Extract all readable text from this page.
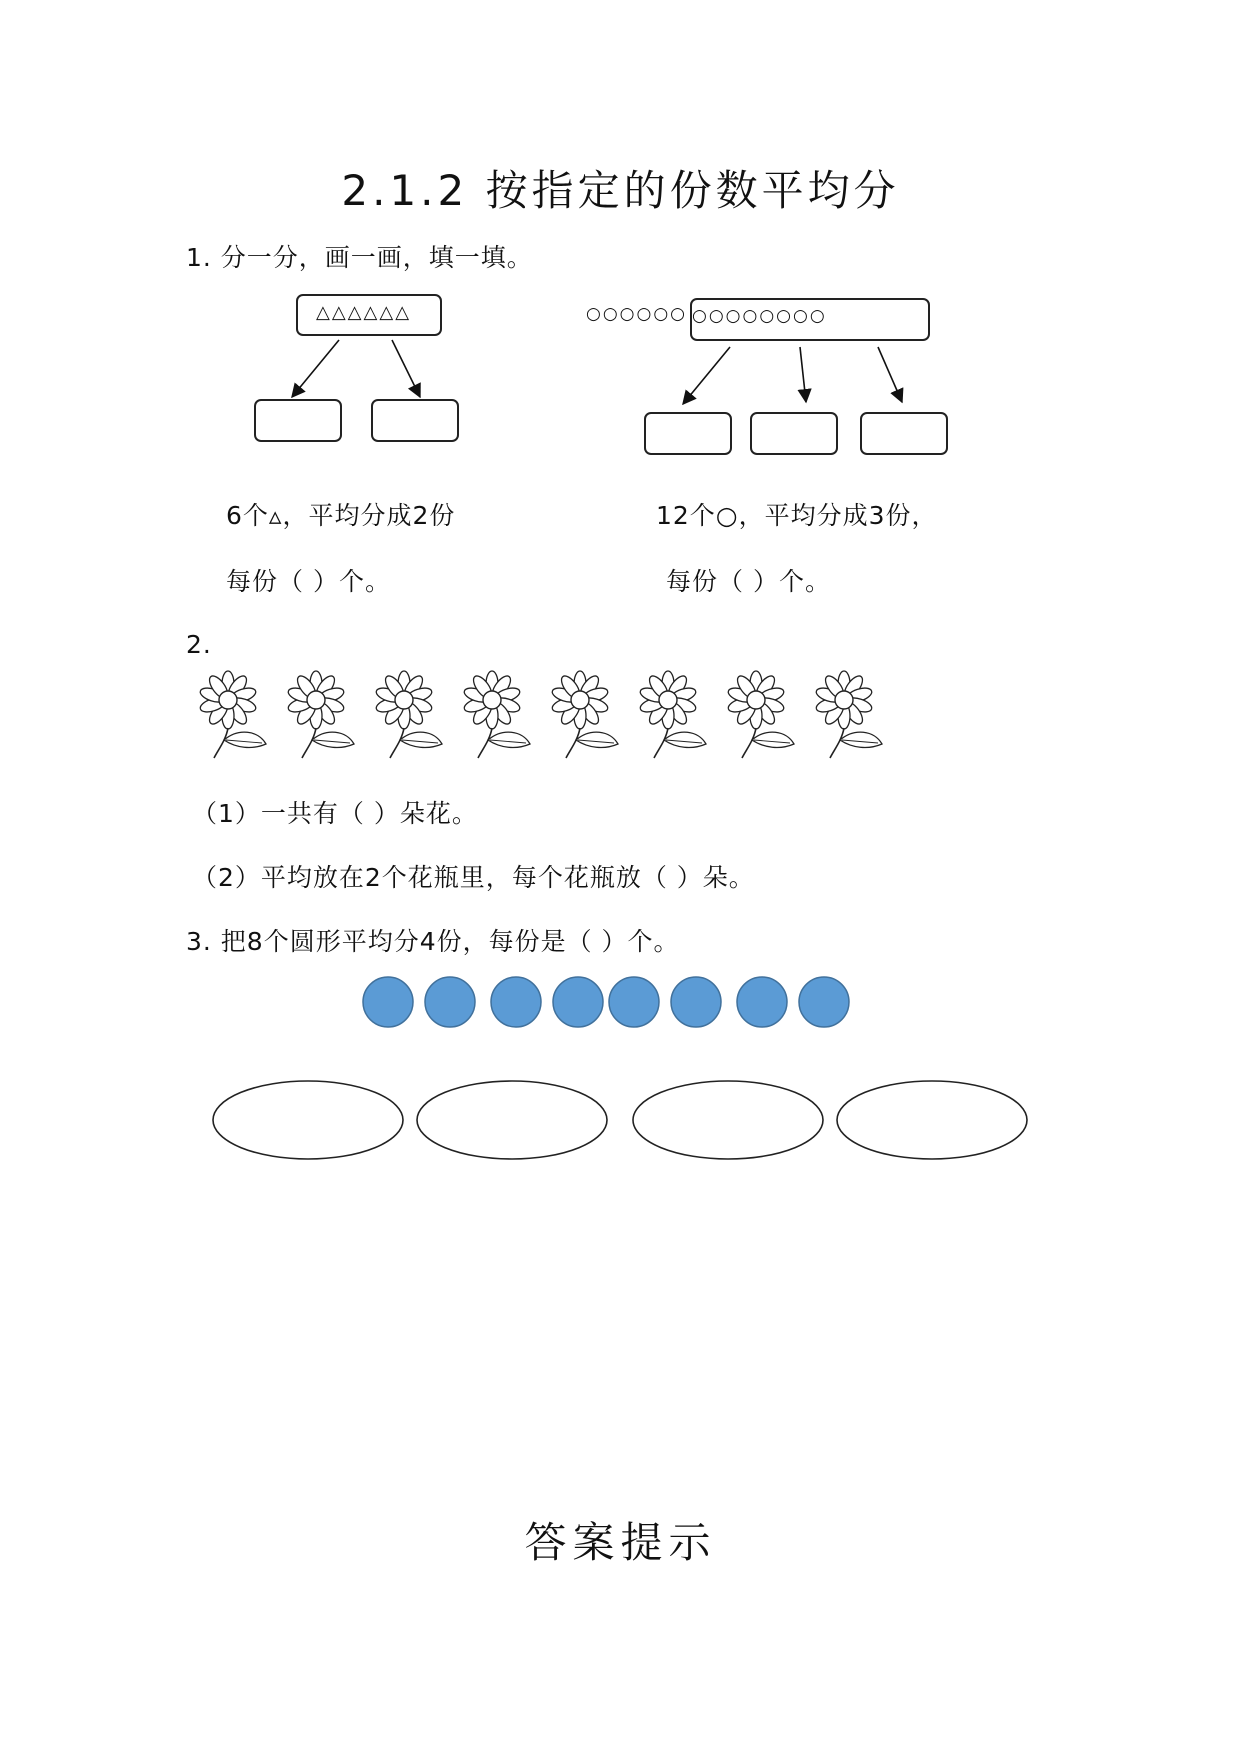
2.1.2 按指定的份数平均分
1. 分一分，画一画，填一填。
△△△△△△	○○○○○○ ○○○○○○○○
6个▵，平均分成2份
每份（ ）个。
12个○，平均分成3份，
每份（ ）个。
2.
（1）一共有（ ）朵花。
（2）平均放在2个花瓶里，每个花瓶放（ ）朵。
3. 把8个圆形平均分4份，每份是（ ）个。
答案提示
